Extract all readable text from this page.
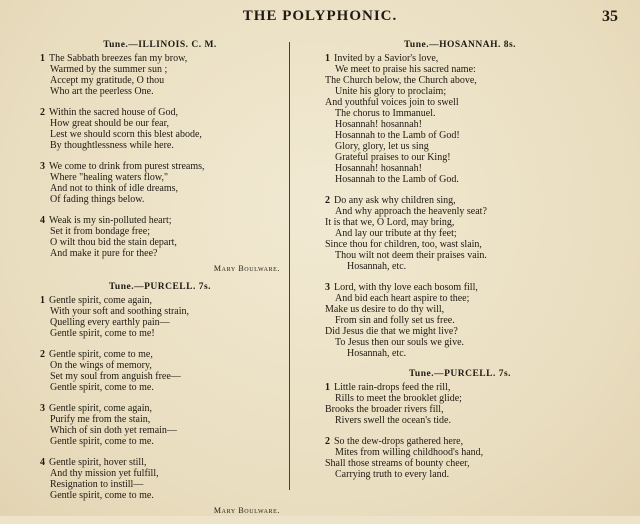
THE POLYPHONIC.	35
Tune.—ILLINOIS. C. M.
1 The Sabbath breezes fan my brow,
Warmed by the summer sun ;
Accept my gratitude, O thou
Who art the peerless One.
2 Within the sacred house of God,
How great should be our fear,
Lest we should scorn this blest abode,
By thoughtlessness while here.
3 We come to drink from purest streams,
Where "healing waters flow,"
And not to think of idle dreams,
Of fading things below.
4 Weak is my sin-polluted heart;
Set it from bondage free;
O wilt thou bid the stain depart,
And make it pure for thee?
Mary Boulware.
Tune.—PURCELL. 7s.
1 Gentle spirit, come again,
With your soft and soothing strain,
Quelling every earthly pain—
Gentle spirit, come to me!
2 Gentle spirit, come to me,
On the wings of memory,
Set my soul from anguish free—
Gentle spirit, come to me.
3 Gentle spirit, come again,
Purify me from the stain,
Which of sin doth yet remain—
Gentle spirit, come to me.
4 Gentle spirit, hover still,
And thy mission yet fulfill,
Resignation to instill—
Gentle spirit, come to me.
Mary Boulware.
Tune.—HOSANNAH. 8s.
1 Invited by a Savior's love,
We meet to praise his sacred name:
The Church below, the Church above,
Unite his glory to proclaim;
And youthful voices join to swell
The chorus to Immanuel.
Hosannah! hosannah!
Hosannah to the Lamb of God!
Glory, glory, let us sing
Grateful praises to our King!
Hosannah! hosannah!
Hosannah to the Lamb of God.
2 Do any ask why children sing,
And why approach the heavenly seat?
It is that we, O Lord, may bring,
And lay our tribute at thy feet;
Since thou for children, too, wast slain,
Thou wilt not deem their praises vain.
Hosannah, etc.
3 Lord, with thy love each bosom fill,
And bid each heart aspire to thee;
Make us desire to do thy will,
From sin and folly set us free.
Did Jesus die that we might live?
To Jesus then our souls we give.
Hosannah, etc.
Tune.—PURCELL. 7s.
1 Little rain-drops feed the rill,
Rills to meet the brooklet glide;
Brooks the broader rivers fill,
Rivers swell the ocean's tide.
2 So the dew-drops gathered here,
Mites from willing childhood's hand,
Shall those streams of bounty cheer,
Carrying truth to every land.
